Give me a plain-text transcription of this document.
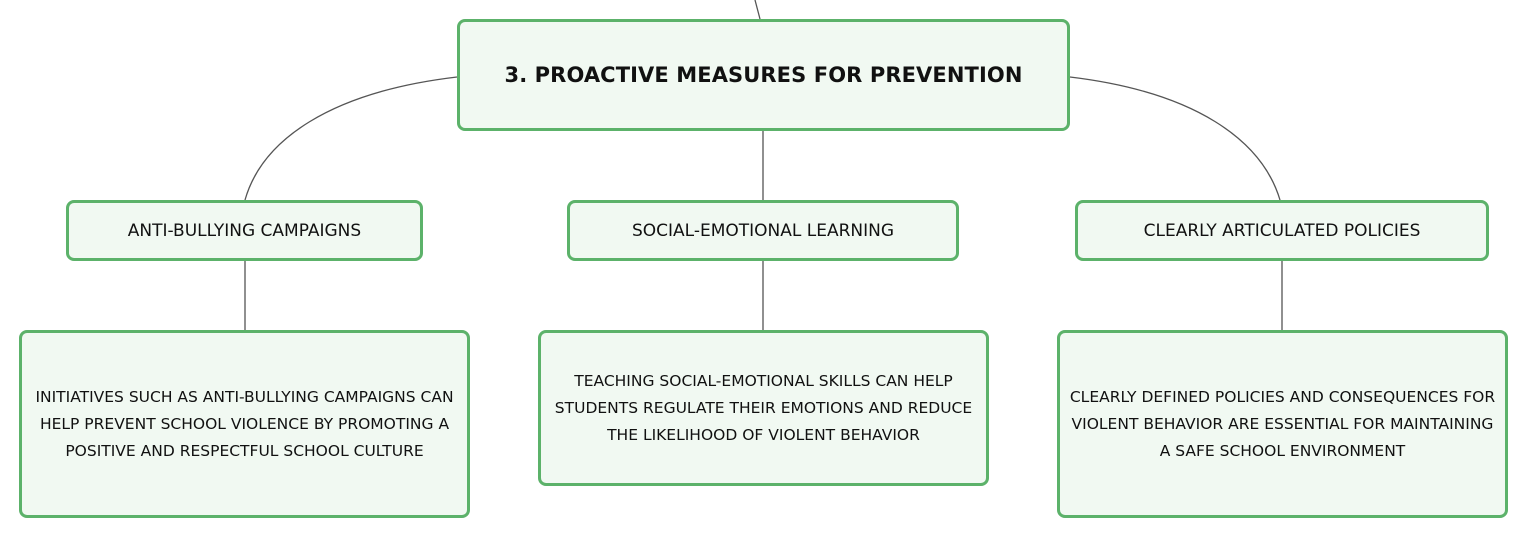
3. PROACTIVE MEASURES FOR PREVENTION
ANTI-BULLYING CAMPAIGNS	SOCIAL-EMOTIONAL LEARNING	CLEARLY ARTICULATED POLICIES
INITIATIVES SUCH AS ANTI-BULLYING CAMPAIGNS CAN HELP PREVENT SCHOOL VIOLENCE BY PROMOTING A POSITIVE AND RESPECTFUL SCHOOL CULTURE
TEACHING SOCIAL-EMOTIONAL SKILLS CAN HELP STUDENTS REGULATE THEIR EMOTIONS AND REDUCE THE LIKELIHOOD OF VIOLENT BEHAVIOR
CLEARLY DEFINED POLICIES AND CONSEQUENCES FOR VIOLENT BEHAVIOR ARE ESSENTIAL FOR MAINTAINING A SAFE SCHOOL ENVIRONMENT
